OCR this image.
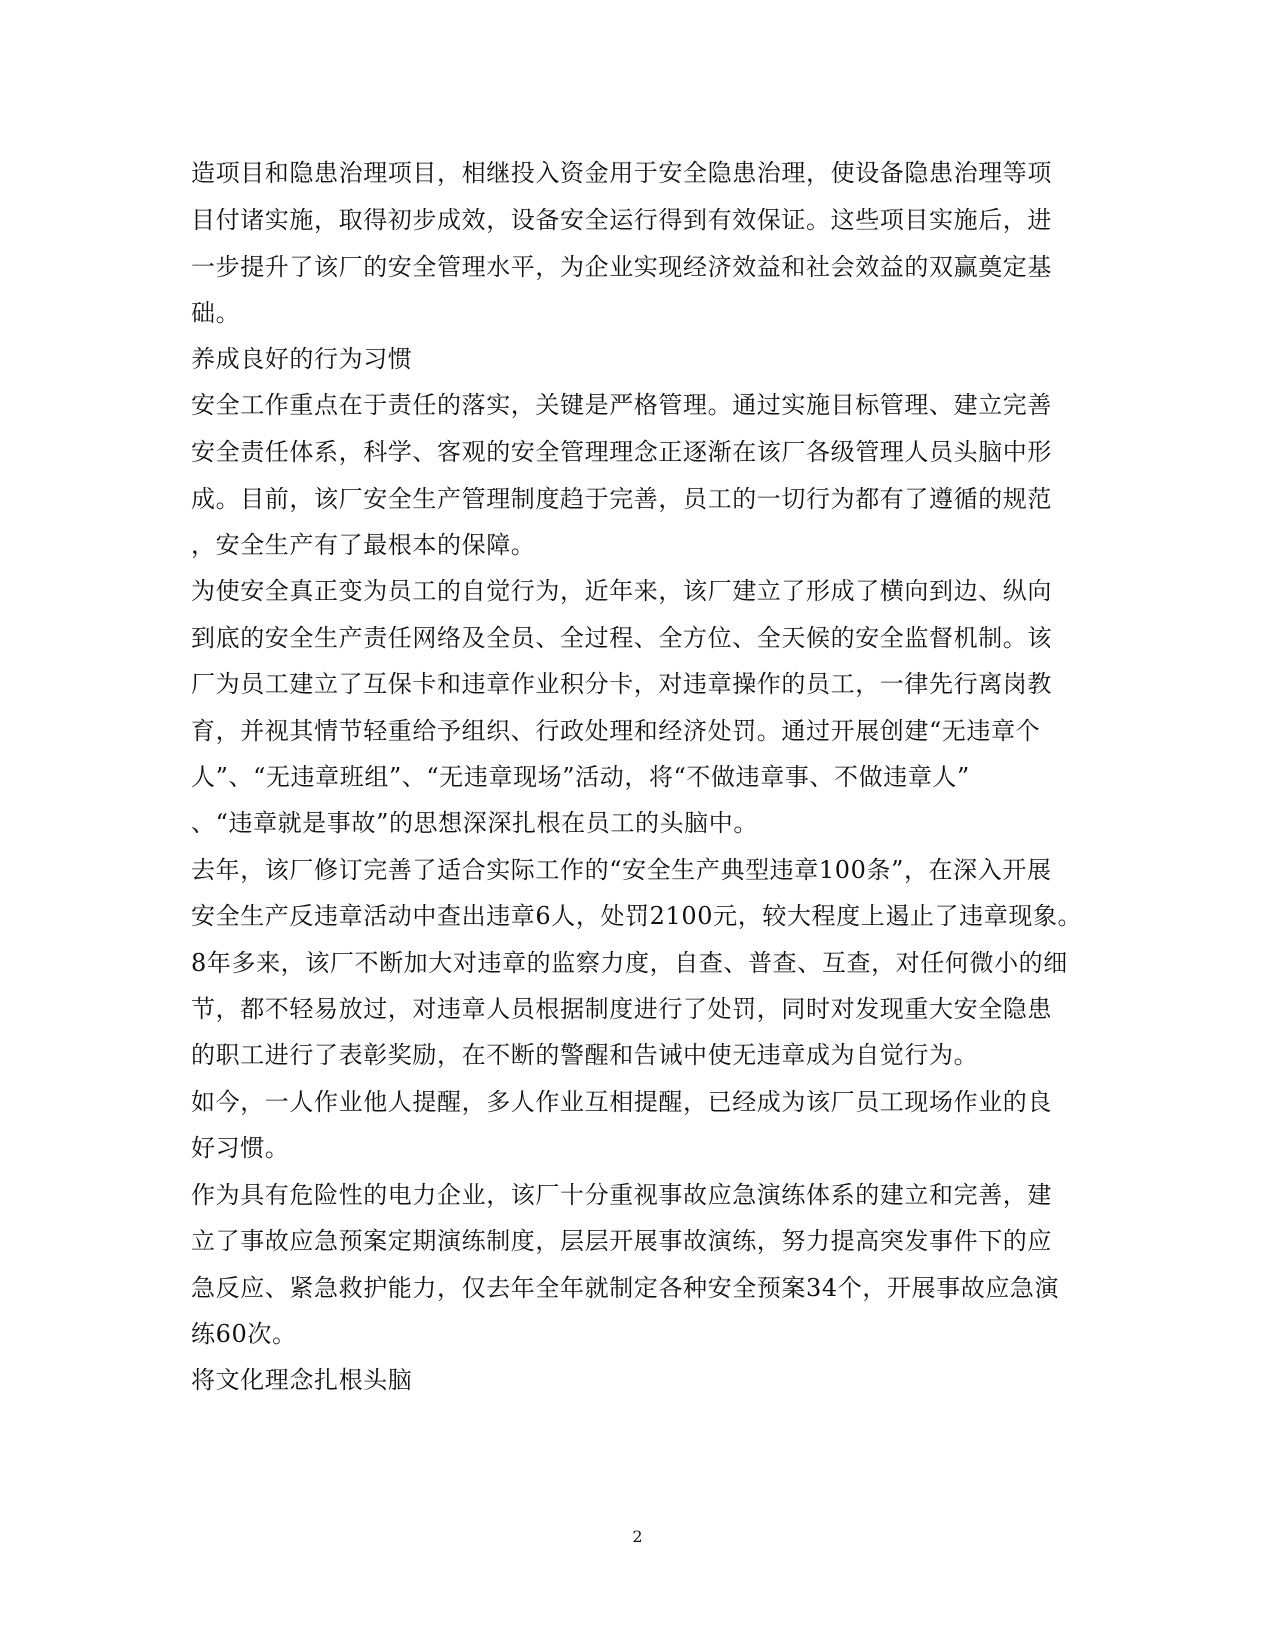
造项目和隐患治理项目，相继投入资金用于安全隐患治理，使设备隐患治理等项
目付诸实施，取得初步成效，设备安全运行得到有效保证。这些项目实施后，进
一步提升了该厂的安全管理水平，为企业实现经济效益和社会效益的双赢奠定基
础。
养成良好的行为习惯
安全工作重点在于责任的落实，关键是严格管理。通过实施目标管理、建立完善
安全责任体系，科学、客观的安全管理理念正逐渐在该厂各级管理人员头脑中形
成。目前，该厂安全生产管理制度趋于完善，员工的一切行为都有了遵循的规范
，安全生产有了最根本的保障。
为使安全真正变为员工的自觉行为，近年来，该厂建立了形成了横向到边、纵向
到底的安全生产责任网络及全员、全过程、全方位、全天候的安全监督机制。该
厂为员工建立了互保卡和违章作业积分卡，对违章操作的员工，一律先行离岗教
育，并视其情节轻重给予组织、行政处理和经济处罚。通过开展创建“无违章个
人”、“无违章班组”、“无违章现场”活动，将“不做违章事、不做违章人”
、“违章就是事故”的思想深深扎根在员工的头脑中。
去年，该厂修订完善了适合实际工作的“安全生产典型违章100条”，在深入开展
安全生产反违章活动中查出违章6人，处罚2100元，较大程度上遏止了违章现象。
8年多来，该厂不断加大对违章的监察力度，自查、普查、互查，对任何微小的细
节，都不轻易放过，对违章人员根据制度进行了处罚，同时对发现重大安全隐患
的职工进行了表彰奖励，在不断的警醒和告诫中使无违章成为自觉行为。
如今，一人作业他人提醒，多人作业互相提醒，已经成为该厂员工现场作业的良
好习惯。
作为具有危险性的电力企业，该厂十分重视事故应急演练体系的建立和完善，建
立了事故应急预案定期演练制度，层层开展事故演练，努力提高突发事件下的应
急反应、紧急救护能力，仅去年全年就制定各种安全预案34个，开展事故应急演
练60次。
将文化理念扎根头脑
2
